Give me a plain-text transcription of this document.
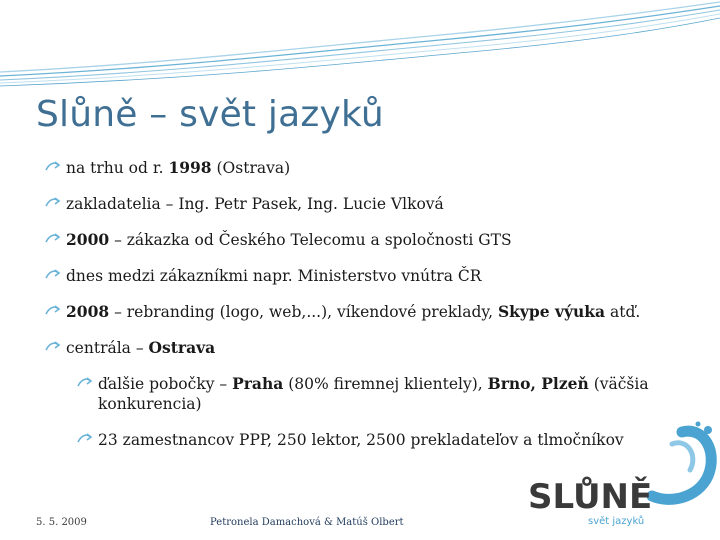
Slůně – svět jazyků
na trhu od r. 1998 (Ostrava)
zakladatelia – Ing. Petr Pasek, Ing. Lucie Vlková
2000 – zákazka od Českého Telecomu a spoločnosti GTS
dnes medzi zákazníkmi napr. Ministerstvo vnútra ČR
2008 – rebranding (logo, web,...), víkendové preklady, Skype výuka atď.
centrála – Ostrava
ďalšie pobočky – Praha (80% firemnej klientely), Brno, Plzeň (väčšia konkurencia)
23 zamestnancov PPP, 250 lektor, 2500 prekladateľov a tlmočníkov
5. 5. 2009	Petronela Damachová & Matúš Olbert
SLŮNĚ
svět jazyků
